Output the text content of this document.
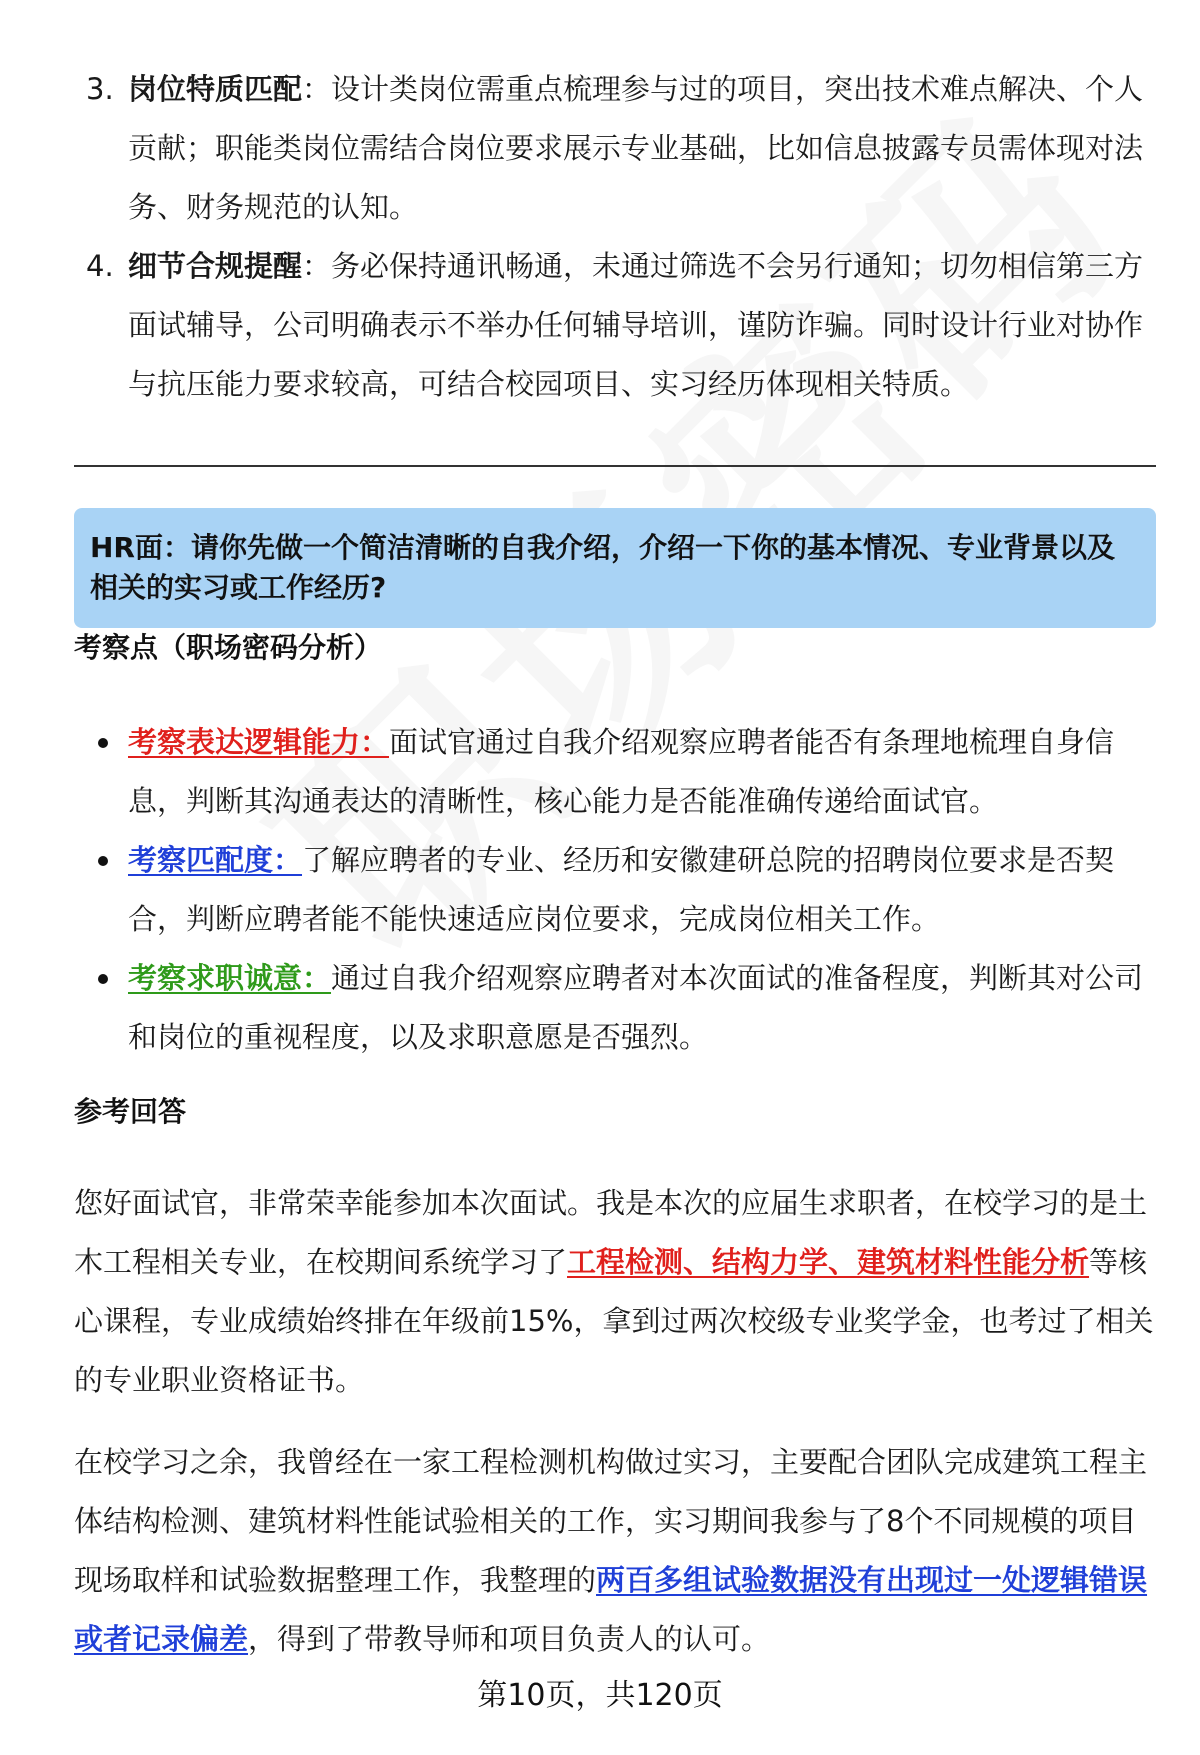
3. 岗位特质匹配：设计类岗位需重点梳理参与过的项目，突出技术难点解决、个人贡献；职能类岗位需结合岗位要求展示专业基础，比如信息披露专员需体现对法务、财务规范的认知。
4. 细节合规提醒：务必保持通讯畅通，未通过筛选不会另行通知；切勿相信第三方面试辅导，公司明确表示不举办任何辅导培训，谨防诈骗。同时设计行业对协作与抗压能力要求较高，可结合校园项目、实习经历体现相关特质。
HR面：请你先做一个简洁清晰的自我介绍，介绍一下你的基本情况、专业背景以及相关的实习或工作经历?
考察点（职场密码分析）
考察表达逻辑能力：面试官通过自我介绍观察应聘者能否有条理地梳理自身信息，判断其沟通表达的清晰性，核心能力是否能准确传递给面试官。
考察匹配度：了解应聘者的专业、经历和安徽建研总院的招聘岗位要求是否契合，判断应聘者能不能快速适应岗位要求，完成岗位相关工作。
考察求职诚意：通过自我介绍观察应聘者对本次面试的准备程度，判断其对公司和岗位的重视程度，以及求职意愿是否强烈。
参考回答

您好面试官，非常荣幸能参加本次面试。我是本次的应届生求职者，在校学习的是土木工程相关专业，在校期间系统学习了工程检测、结构力学、建筑材料性能分析等核心课程，专业成绩始终排在年级前15%，拿到过两次校级专业奖学金，也考过了相关的专业职业资格证书。

在校学习之余，我曾经在一家工程检测机构做过实习，主要配合团队完成建筑工程主体结构检测、建筑材料性能试验相关的工作，实习期间我参与了8个不同规模的项目现场取样和试验数据整理工作，我整理的两百多组试验数据没有出现过一处逻辑错误或者记录偏差，得到了带教导师和项目负责人的认可。

第10页，共120页
